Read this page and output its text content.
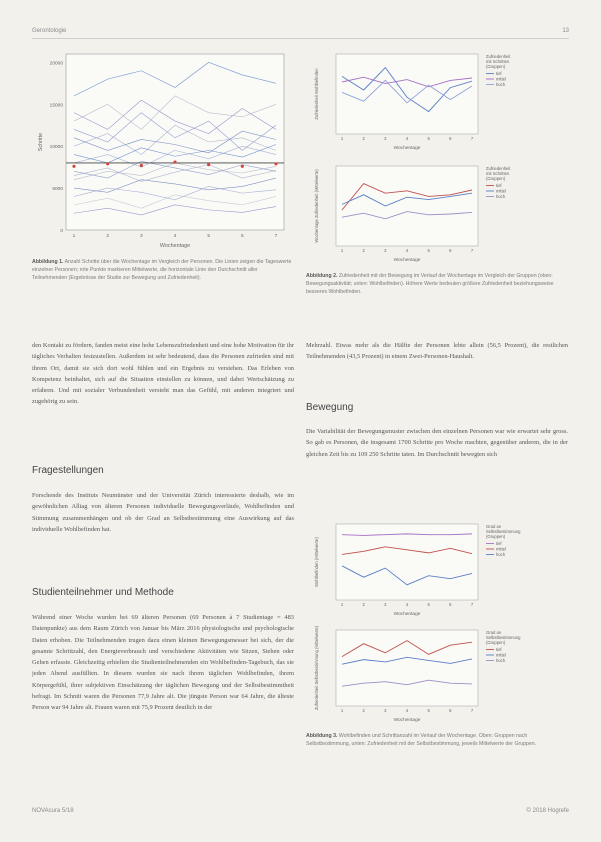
Gerontologie	13
20000
15000
10000
5000
0
1	2	3	4	5	6	7
Wochentage
Schritte
Abbildung 1. Anzahl Schritte über die Wochentage im Vergleich der Personen. Die Linien zeigen die Tageswerte einzelner Personen; rote Punkte markieren Mittelwerte, die horizontale Linie den Durchschnitt aller Teilnehmenden (Ergebnisse der Studie zur Bewegung und Zufriedenheit).
1	2	3	4	5	6	7
Wochentage
Zufriedenheit Wohlbefinden
Zufriedenheit mit Schritten (Gruppen)
tief
mittel
hoch
1	2	3	4	5	6	7
Wochentage
Wochentage Zufriedenheit (Mittelwerte)
Zufriedenheit mit Schritten (Gruppen)
tief
mittel
hoch
Abbildung 2. Zufriedenheit mit der Bewegung im Verlauf der Wochentage im Vergleich der Gruppen (oben: Bewegungsaktivität; unten: Wohlbefinden). Höhere Werte bedeuten größere Zufriedenheit beziehungsweise besseres Wohlbefinden.
den Kontakt zu fördern, fanden meist eine hohe Lebenszufriedenheit und eine hohe Motivation für ihr tägliches Verhalten festzustellen. Außerdem ist sehr bedeutend, dass die Personen zufrieden sind mit ihrem Ort, damit sie sich dort wohl fühlen und ein Ergebnis zu verstehen. Das Erleben von Kompetenz beinhaltet, sich auf die Situation einstellen zu können, und dabei Wertschätzung zu erfahren. Und mit sozialer Verbundenheit versteht man das Gefühl, mit anderen integriert und zugehörig zu sein.
Fragestellungen
Forschende des Instituts Neumünster und der Universität Zürich interessierte deshalb, wie im gewöhnlichen Alltag von älteren Personen individuelle Bewegungsverläufe, Wohlbefinden und Stimmung zusammenhängen und ob der Grad an Selbstbestimmung eine Auswirkung auf das individuelle Wohlbefinden hat.
Studienteilnehmer und Methode
Während einer Woche wurden bei 69 älteren Personen (69 Personen à 7 Studientage = 483 Datenpunkte) aus dem Raum Zürich von Januar bis März 2016 physiologische und psychologische Daten erhoben. Die Teilnehmenden trugen dazu einen kleinen Bewegungsmesser bei sich, der die gesamte Schrittzahl, den Energieverbrauch und verschiedene Aktivitäten wie Sitzen, Stehen oder Gehen erfasste. Gleichzeitig erhielten die Studienteilnehmenden ein Wohlbefinden-Tagebuch, das sie jeden Abend ausfüllten. In diesem wurden sie nach ihrem täglichen Wohlbefinden, ihrem Körpergefühl, ihrer subjektiven Einschätzung der täglichen Bewegung und der Selbstbestimmtheit befragt. Im Schnitt waren die Personen 77,9 Jahre alt. Die jüngste Person war 64 Jahre, die älteste Person war 94 Jahre alt. Frauen waren mit 75,9 Prozent deutlich in der
Mehrzahl. Etwas mehr als die Hälfte der Personen lebte allein (56,5 Prozent), die restlichen Teilnehmenden (43,5 Prozent) in einem Zwei-Personen-Haushalt.
Bewegung
Die Variabilität der Bewegungsmuster zwischen den einzelnen Personen war wie erwartet sehr gross. So gab es Personen, die insgesamt 1700 Schritte pro Woche machten, gegenüber anderen, die in der gleichen Zeit bis zu 109 250 Schritte taten. Im Durchschnitt bewegten sich
1	2	3	4	5	6	7
Wochentage
Wohlbefinden (Mittelwerte)
Grad an Selbstbestimmung (Gruppen)
tief
mittel
hoch
1	2	3	4	5	6	7
Wochentage
Zufriedenheit Selbstbestimmung (Mittelwerte)	Grad an Selbstbestimmung (Gruppen)
tief
mittel
hoch
Abbildung 3. Wohlbefinden und Schrittanzahl im Verlauf der Wochentage. Oben: Gruppen nach Selbstbestimmung, unten: Zufriedenheit mit der Selbstbestimmung, jeweils Mittelwerte der Gruppen.
NOVAcura 5/18	© 2018 Hogrefe
